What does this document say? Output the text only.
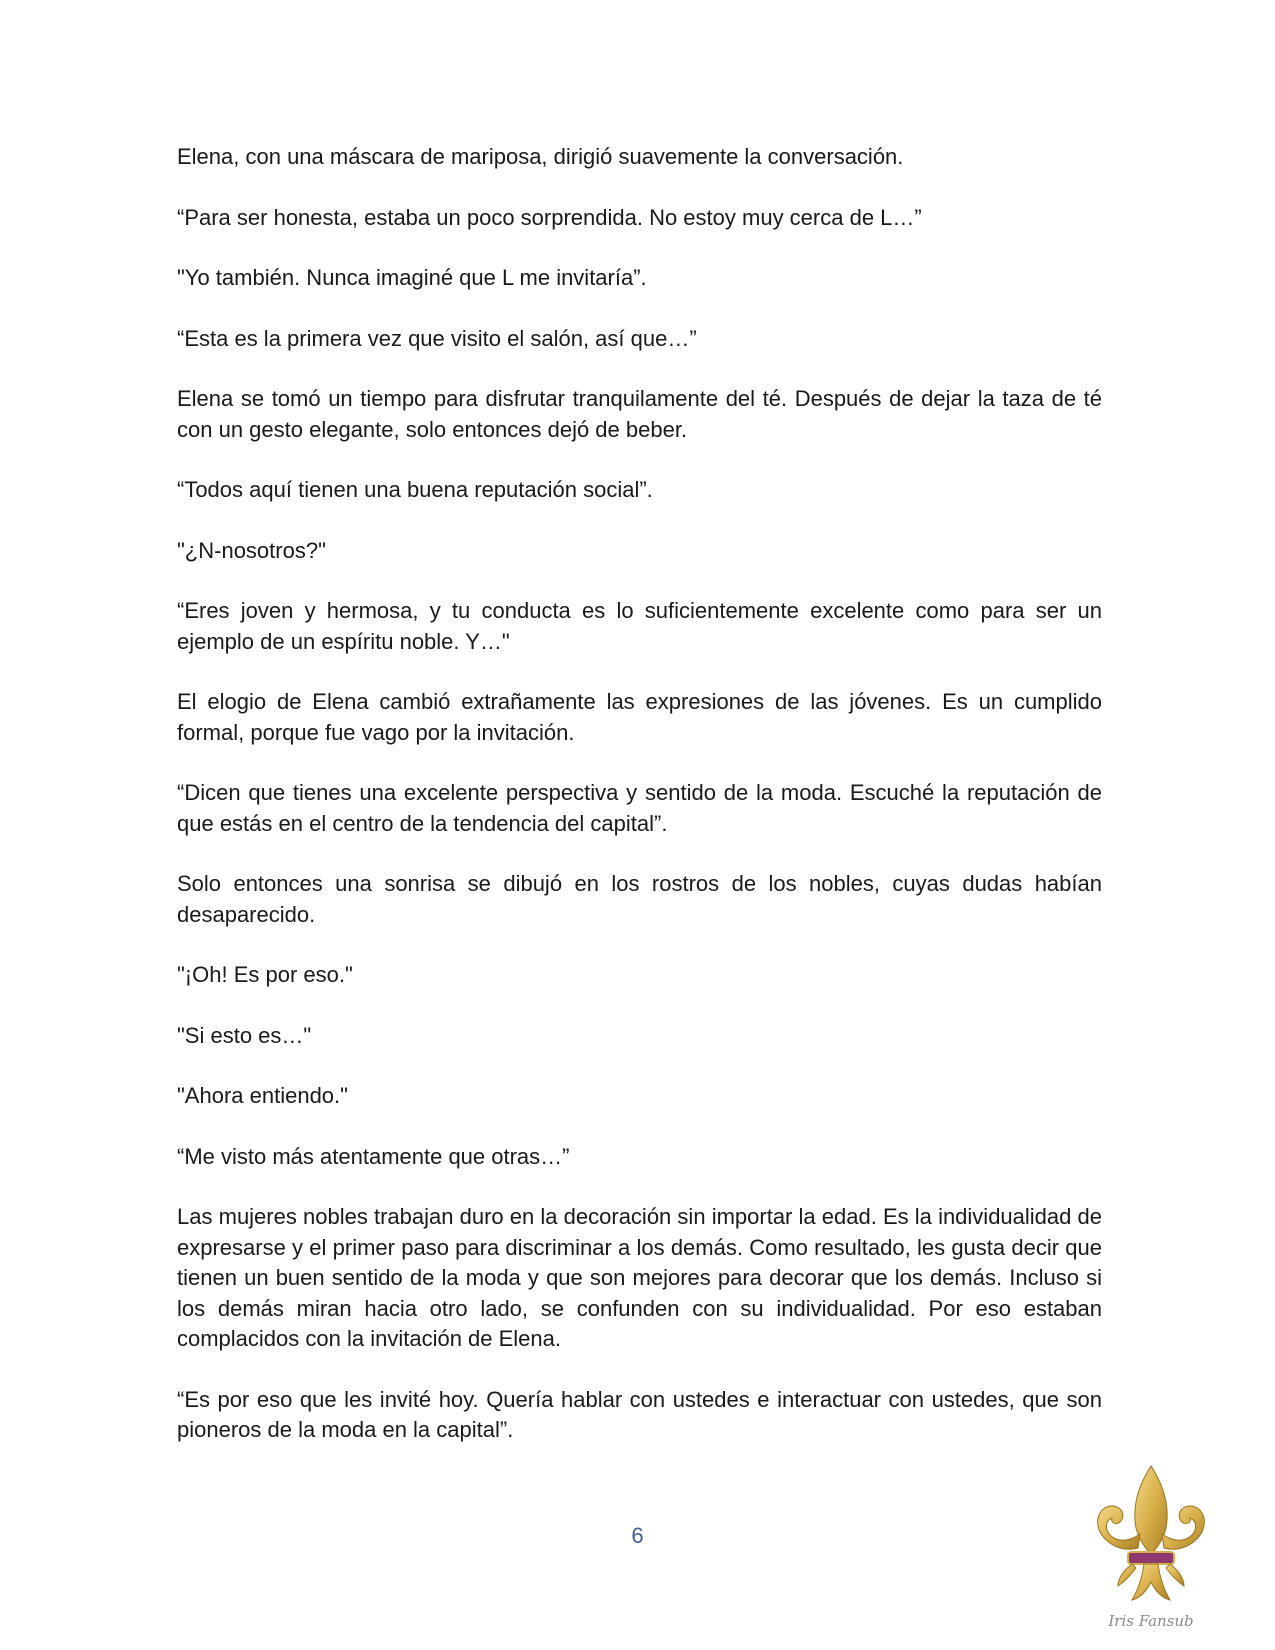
Elena, con una máscara de mariposa, dirigió suavemente la conversación.

“Para ser honesta, estaba un poco sorprendida. No estoy muy cerca de L…”

"Yo también. Nunca imaginé que L me invitaría”.

“Esta es la primera vez que visito el salón, así que…”

Elena se tomó un tiempo para disfrutar tranquilamente del té. Después de dejar la taza de té con un gesto elegante, solo entonces dejó de beber.

“Todos aquí tienen una buena reputación social”.

"¿N-nosotros?"

“Eres joven y hermosa, y tu conducta es lo suficientemente excelente como para ser un ejemplo de un espíritu noble. Y…"

El elogio de Elena cambió extrañamente las expresiones de las jóvenes. Es un cumplido formal, porque fue vago por la invitación.

“Dicen que tienes una excelente perspectiva y sentido de la moda. Escuché la reputación de que estás en el centro de la tendencia del capital”.

Solo entonces una sonrisa se dibujó en los rostros de los nobles, cuyas dudas habían desaparecido.

"¡Oh! Es por eso."

"Si esto es…"

"Ahora entiendo."

“Me visto más atentamente que otras…”

Las mujeres nobles trabajan duro en la decoración sin importar la edad. Es la individualidad de expresarse y el primer paso para discriminar a los demás. Como resultado, les gusta decir que tienen un buen sentido de la moda y que son mejores para decorar que los demás. Incluso si los demás miran hacia otro lado, se confunden con su individualidad. Por eso estaban complacidos con la invitación de Elena.

“Es por eso que les invité hoy. Quería hablar con ustedes e interactuar con ustedes, que son pioneros de la moda en la capital”.

6
Iris Fansub
